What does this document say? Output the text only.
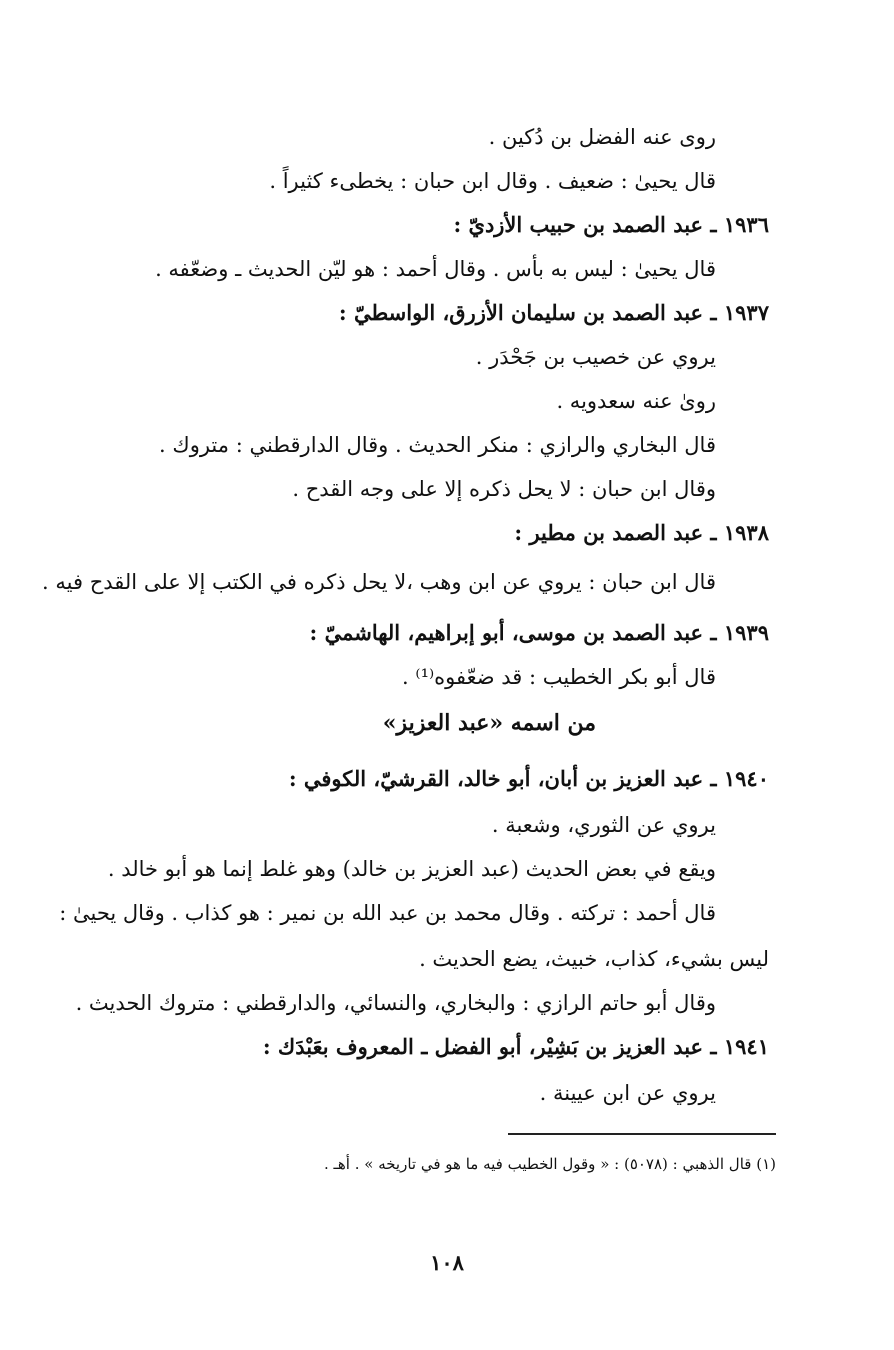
روى عنه الفضل بن دُكين .
قال يحيىٰ : ضعيف . وقال ابن حبان : يخطىء كثيراً .
١٩٣٦ ـ عبد الصمد بن حبيب الأزديّ :
قال يحيىٰ : ليس به بأس . وقال أحمد : هو ليّن الحديث ـ وضعّفه .
١٩٣٧ ـ عبد الصمد بن سليمان الأزرق، الواسطيّ :
يروي عن خصيب بن جَحْدَر .
روىٰ عنه سعدويه .
قال البخاري والرازي : منكر الحديث . وقال الدارقطني : متروك .
وقال ابن حبان : لا يحل ذكره إلا على وجه القدح .
١٩٣٨ ـ عبد الصمد بن مطير :
قال ابن حبان : يروي عن ابن وهب ،لا يحل ذكره في الكتب إلا على القدح فيه .
١٩٣٩ ـ عبد الصمد بن موسى، أبو إبراهيم، الهاشميّ :
قال أبو بكر الخطيب : قد ضعّفوه⁽¹⁾ .
من اسمه «عبد العزيز»
١٩٤٠ ـ عبد العزيز بن أبان، أبو خالد، القرشيّ، الكوفي :
يروي عن الثوري، وشعبة .
ويقع في بعض الحديث (عبد العزيز بن خالد) وهو غلط إنما هو أبو خالد .
قال أحمد : تركته . وقال محمد بن عبد الله بن نمير : هو كذاب . وقال يحيىٰ :
ليس بشيء، كذاب، خبيث، يضع الحديث .
وقال أبو حاتم الرازي : والبخاري، والنسائي، والدارقطني : متروك الحديث .
١٩٤١ ـ عبد العزيز بن بَشِيْر، أبو الفضل ـ المعروف بعَبْدَك :
يروي عن ابن عيينة .
(١) قال الذهبي : (٥٠٧٨) : « وقول الخطيب فيه ما هو في تاريخه » . أهـ .
١٠٨
